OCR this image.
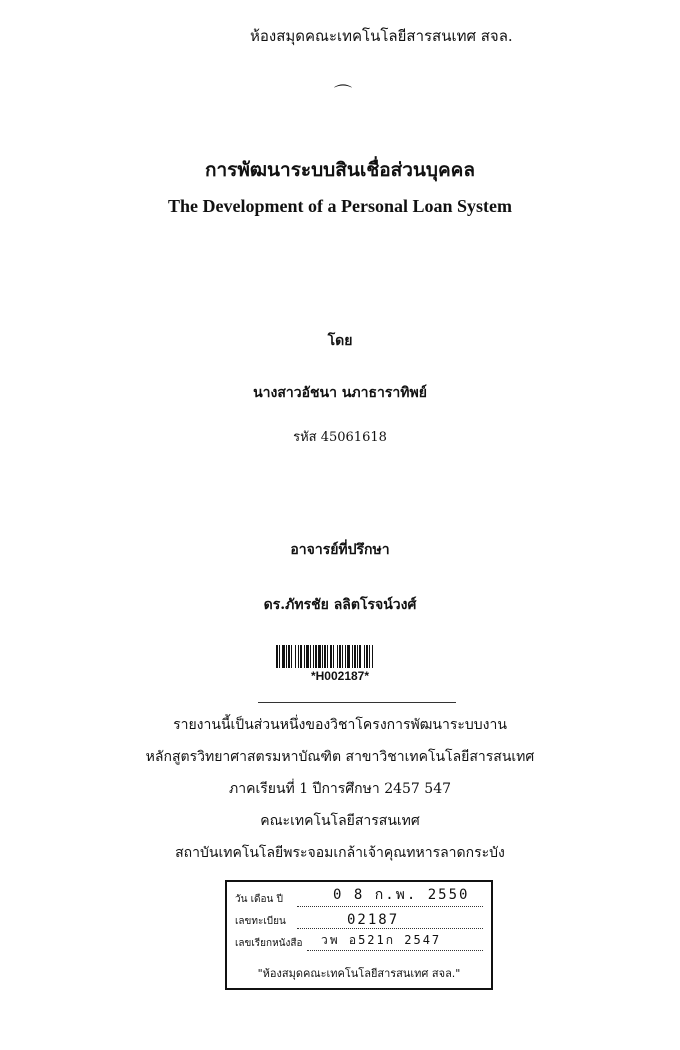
ห้องสมุดคณะเทคโนโลยีสารสนเทศ สจล.
⌒
การพัฒนาระบบสินเชื่อส่วนบุคคล
The Development of a Personal Loan System
โดย
นางสาวอัชนา นภาธาราทิพย์
รหัส 45061618
อาจารย์ที่ปรึกษา
ดร.ภัทรชัย ลลิตโรจน์วงศ์
*H002187*
รายงานนี้เป็นส่วนหนึ่งของวิชาโครงการพัฒนาระบบงาน
หลักสูตรวิทยาศาสตรมหาบัณฑิต สาขาวิชาเทคโนโลยีสารสนเทศ
ภาคเรียนที่ 1 ปีการศึกษา 2457 547
คณะเทคโนโลยีสารสนเทศ
สถาบันเทคโนโลยีพระจอมเกล้าเจ้าคุณทหารลาดกระบัง
วัน เดือน ปี	0 8 ก.พ. 2550
เลขทะเบียน	02187
เลขเรียกหนังสือ วพ อ521ก 2547
"ห้องสมุดคณะเทคโนโลยีสารสนเทศ สจล."
